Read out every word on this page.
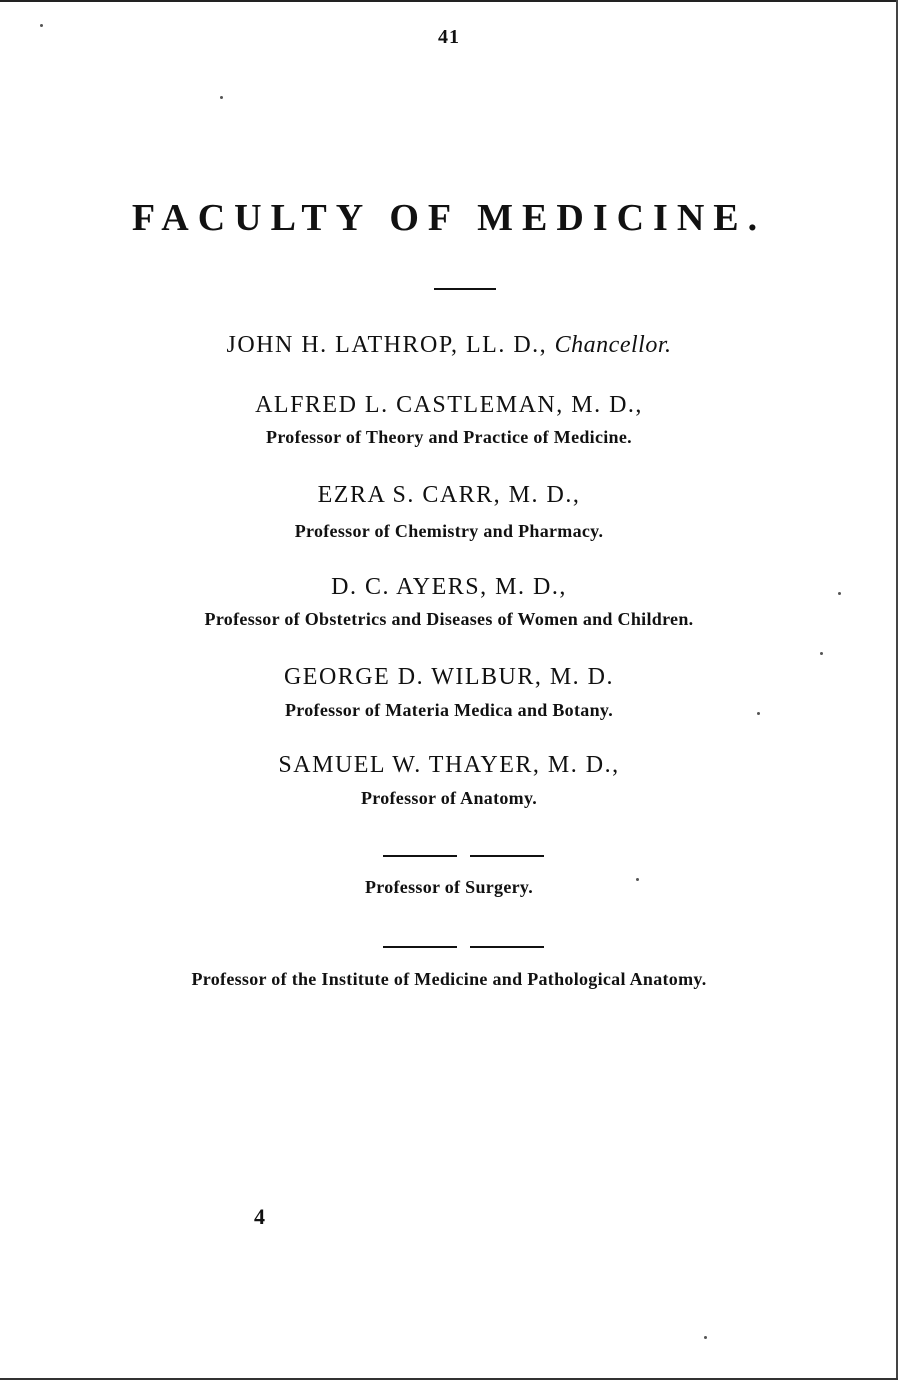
41
FACULTY OF MEDICINE.
JOHN H. LATHROP, LL. D., Chancellor.
ALFRED L. CASTLEMAN, M. D.,
Professor of Theory and Practice of Medicine.
EZRA S. CARR, M. D.,
Professor of Chemistry and Pharmacy.
D. C. AYERS, M. D.,
Professor of Obstetrics and Diseases of Women and Children.
GEORGE D. WILBUR, M. D.
Professor of Materia Medica and Botany.
SAMUEL W. THAYER, M. D.,
Professor of Anatomy.
Professor of Surgery.
Professor of the Institute of Medicine and Pathological Anatomy.
4
